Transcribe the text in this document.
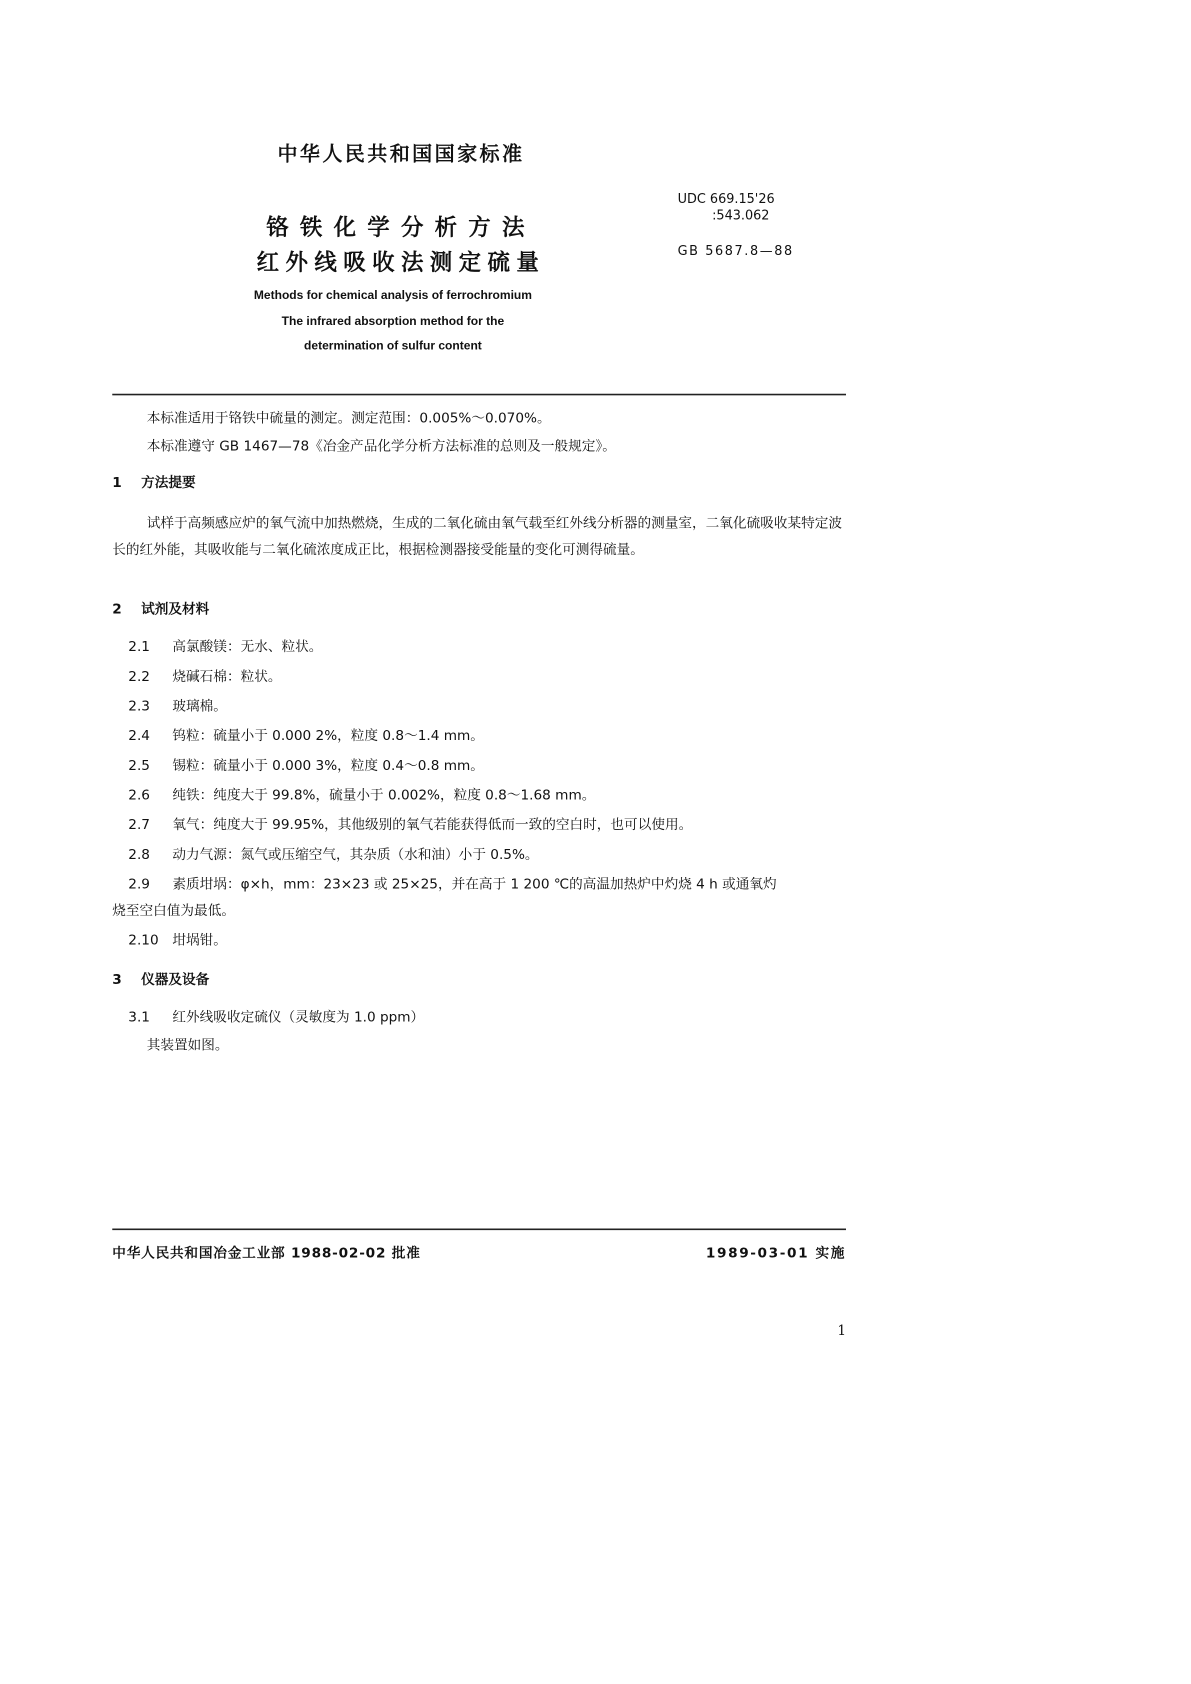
中华人民共和国国家标准
UDC 669.15'26
:543.062
GB 5687.8—88
铬铁化学分析方法
红外线吸收法测定硫量
Methods for chemical analysis of ferrochromium
The infrared absorption method for the
determination of sulfur content
本标准适用于铬铁中硫量的测定。测定范围：0.005%～0.070%。
本标准遵守 GB 1467—78《冶金产品化学分析方法标准的总则及一般规定》。
1 方法提要
试样于高频感应炉的氧气流中加热燃烧，生成的二氧化硫由氧气载至红外线分析器的测量室，二氧化硫吸收某特定波长的红外能，其吸收能与二氧化硫浓度成正比，根据检测器接受能量的变化可测得硫量。
2 试剂及材料
2.1 高氯酸镁：无水、粒状。
2.2 烧碱石棉：粒状。
2.3 玻璃棉。
2.4 钨粒：硫量小于 0.000 2%，粒度 0.8～1.4 mm。
2.5 锡粒：硫量小于 0.000 3%，粒度 0.4～0.8 mm。
2.6 纯铁：纯度大于 99.8%，硫量小于 0.002%，粒度 0.8～1.68 mm。
2.7 氧气：纯度大于 99.95%，其他级别的氧气若能获得低而一致的空白时，也可以使用。
2.8 动力气源：氮气或压缩空气，其杂质（水和油）小于 0.5%。
2.9 素质坩埚：φ×h，mm：23×23 或 25×25，并在高于 1 200 ℃的高温加热炉中灼烧 4 h 或通氧灼
烧至空白值为最低。
2.10 坩埚钳。
3 仪器及设备
3.1 红外线吸收定硫仪（灵敏度为 1.0 ppm）
其装置如图。
中华人民共和国冶金工业部 1988-02-02 批准	1989-03-01 实施
1
